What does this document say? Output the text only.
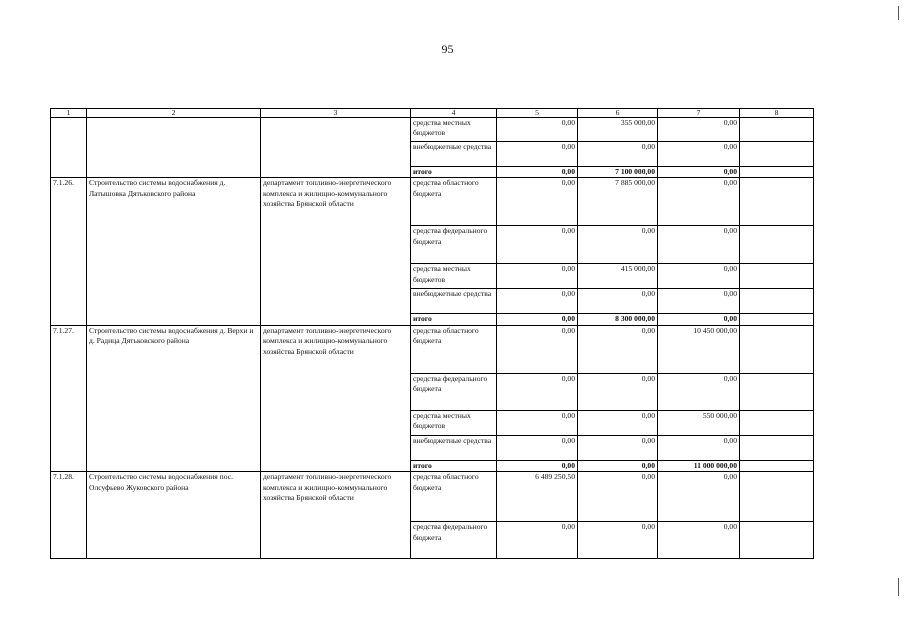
95
1	2	3	4	5	6	7	8
			средства местных бюджетов	0,00	355 000,00	0,00	
			внебюджетные средства	0,00	0,00	0,00	
			итого	0,00	7 100 000,00	0,00	
7.1.26.	Строительство системы водоснабжения д. Латышовка Дятьковского района	департамент топливно-энергетического комплекса и жилищно-коммунального хозяйства Брянской области	средства областного бюджета	0,00	7 885 000,00	0,00	
			средства федерального бюджета	0,00	0,00	0,00	
			средства местных бюджетов	0,00	415 000,00	0,00	
			внебюджетные средства	0,00	0,00	0,00	
			итого	0,00	8 300 000,00	0,00	
7.1.27.	Строительство системы водоснабжения д. Верхи и д. Радица Дятьковского района	департамент топливно-энергетического комплекса и жилищно-коммунального хозяйства Брянской области	средства областного бюджета	0,00	0,00	10 450 000,00	
			средства федерального бюджета	0,00	0,00	0,00	
			средства местных бюджетов	0,00	0,00	550 000,00	
			внебюджетные средства	0,00	0,00	0,00	
			итого	0,00	0,00	11 000 000,00	
7.1.28.	Строительство системы водоснабжения пос. Олсуфьево Жуковского района	департамент топливно-энергетического комплекса и жилищно-коммунального хозяйства Брянской области	средства областного бюджета	6 489 250,50	0,00	0,00	
			средства федерального бюджета	0,00	0,00	0,00	
